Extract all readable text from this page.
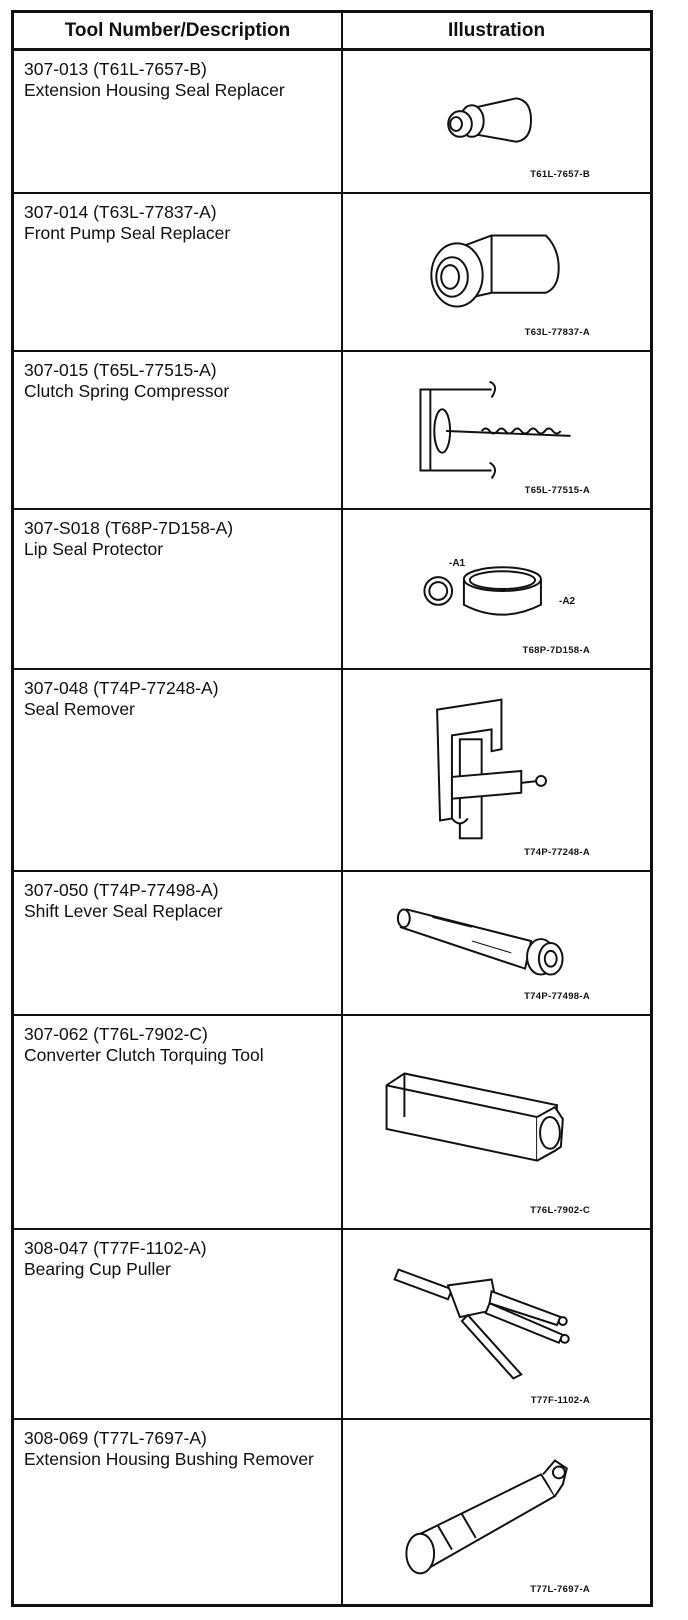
Tool Number/Description	Illustration
307-013 (T61L-7657-B)
Extension Housing Seal Replacer
T61L-7657-B
307-014 (T63L-77837-A)
Front Pump Seal Replacer
T63L-77837-A
307-015 (T65L-77515-A)
Clutch Spring Compressor
T65L-77515-A
307-S018 (T68P-7D158-A)
Lip Seal Protector
-A1
-A2
T68P-7D158-A
307-048 (T74P-77248-A)
Seal Remover
T74P-77248-A
307-050 (T74P-77498-A)
Shift Lever Seal Replacer
T74P-77498-A
307-062 (T76L-7902-C)
Converter Clutch Torquing Tool
T76L-7902-C
308-047 (T77F-1102-A)
Bearing Cup Puller
T77F-1102-A
308-069 (T77L-7697-A)
Extension Housing Bushing Remover
T77L-7697-A
